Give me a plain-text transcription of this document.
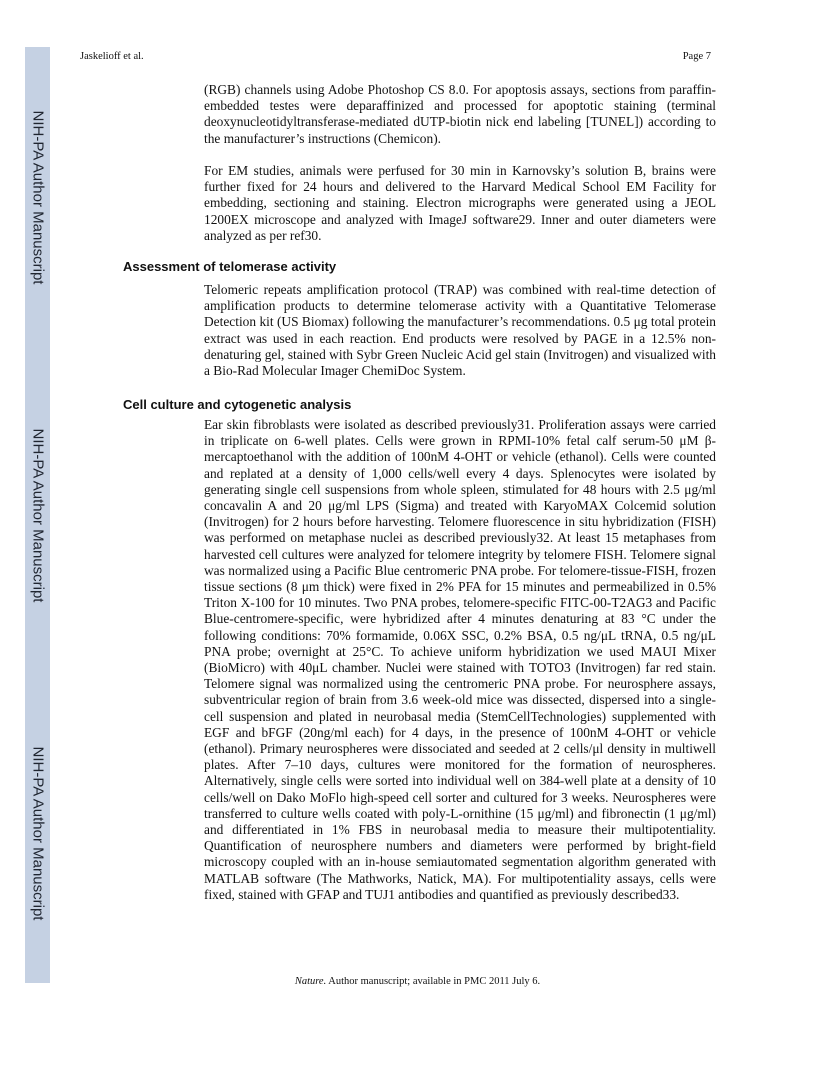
NIH-PA Author Manuscript
NIH-PA Author Manuscript
NIH-PA Author Manuscript
Jaskelioff et al.	Page 7

(RGB) channels using Adobe Photoshop CS 8.0. For apoptosis assays, sections from paraffin-embedded testes were deparaffinized and processed for apoptotic staining (terminal deoxynucleotidyltransferase-mediated dUTP-biotin nick end labeling [TUNEL]) according to the manufacturer’s instructions (Chemicon).

For EM studies, animals were perfused for 30 min in Karnovsky’s solution B, brains were further fixed for 24 hours and delivered to the Harvard Medical School EM Facility for embedding, sectioning and staining. Electron micrographs were generated using a JEOL 1200EX microscope and analyzed with ImageJ software29. Inner and outer diameters were analyzed as per ref30.

Assessment of telomerase activity

Telomeric repeats amplification protocol (TRAP) was combined with real-time detection of amplification products to determine telomerase activity with a Quantitative Telomerase Detection kit (US Biomax) following the manufacturer’s recommendations. 0.5 μg total protein extract was used in each reaction. End products were resolved by PAGE in a 12.5% non-denaturing gel, stained with Sybr Green Nucleic Acid gel stain (Invitrogen) and visualized with a Bio-Rad Molecular Imager ChemiDoc System.

Cell culture and cytogenetic analysis

Ear skin fibroblasts were isolated as described previously31. Proliferation assays were carried in triplicate on 6-well plates. Cells were grown in RPMI-10% fetal calf serum-50 μM β-mercaptoethanol with the addition of 100nM 4-OHT or vehicle (ethanol). Cells were counted and replated at a density of 1,000 cells/well every 4 days. Splenocytes were isolated by generating single cell suspensions from whole spleen, stimulated for 48 hours with 2.5 μg/ml concavalin A and 20 μg/ml LPS (Sigma) and treated with KaryoMAX Colcemid solution (Invitrogen) for 2 hours before harvesting. Telomere fluorescence in situ hybridization (FISH) was performed on metaphase nuclei as described previously32. At least 15 metaphases from harvested cell cultures were analyzed for telomere integrity by telomere FISH. Telomere signal was normalized using a Pacific Blue centromeric PNA probe. For telomere-tissue-FISH, frozen tissue sections (8 μm thick) were fixed in 2% PFA for 15 minutes and permeabilized in 0.5% Triton X-100 for 10 minutes. Two PNA probes, telomere-specific FITC-00-T2AG3 and Pacific Blue-centromere-specific, were hybridized after 4 minutes denaturing at 83 °C under the following conditions: 70% formamide, 0.06X SSC, 0.2% BSA, 0.5 ng/μL tRNA, 0.5 ng/μL PNA probe; overnight at 25°C. To achieve uniform hybridization we used MAUI Mixer (BioMicro) with 40μL chamber. Nuclei were stained with TOTO3 (Invitrogen) far red stain. Telomere signal was normalized using the centromeric PNA probe. For neurosphere assays, subventricular region of brain from 3.6 week-old mice was dissected, dispersed into a single-cell suspension and plated in neurobasal media (StemCellTechnologies) supplemented with EGF and bFGF (20ng/ml each) for 4 days, in the presence of 100nM 4-OHT or vehicle (ethanol). Primary neurospheres were dissociated and seeded at 2 cells/μl density in multiwell plates. After 7–10 days, cultures were monitored for the formation of neurospheres. Alternatively, single cells were sorted into individual well on 384-well plate at a density of 10 cells/well on Dako MoFlo high-speed cell sorter and cultured for 3 weeks. Neurospheres were transferred to culture wells coated with poly-L-ornithine (15 μg/ml) and fibronectin (1 μg/ml) and differentiated in 1% FBS in neurobasal media to measure their multipotentiality. Quantification of neurosphere numbers and diameters were performed by bright-field microscopy coupled with an in-house semiautomated segmentation algorithm generated with MATLAB software (The Mathworks, Natick, MA). For multipotentiality assays, cells were fixed, stained with GFAP and TUJ1 antibodies and quantified as previously described33.

Nature. Author manuscript; available in PMC 2011 July 6.
